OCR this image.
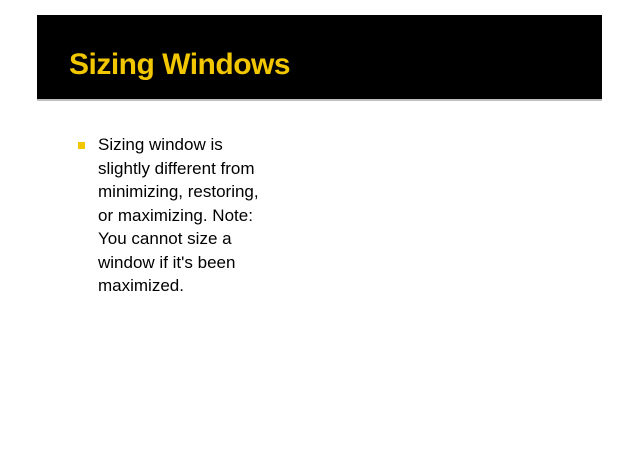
Sizing Windows
Sizing window is
slightly different from
minimizing, restoring,
or maximizing. Note:
You cannot size a
window if it's been
maximized.
